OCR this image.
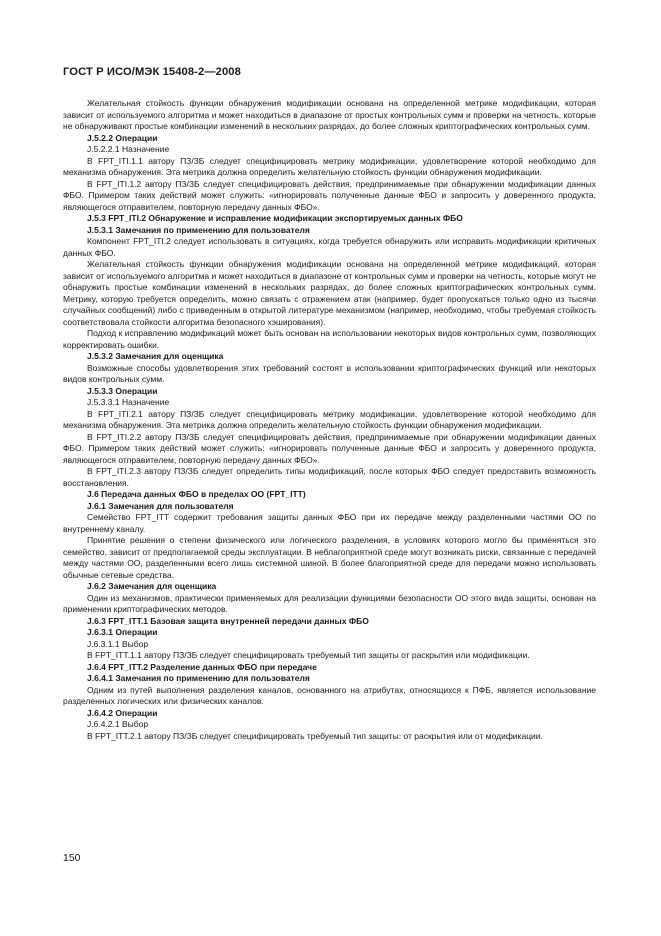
ГОСТ Р ИСО/МЭК 15408-2—2008

Желательная стойкость функции обнаружения модификации основана на определенной метрике модификации, которая зависит от используемого алгоритма и может находиться в диапазоне от простых контрольных сумм и проверки на четность, которые не обнаруживают простые комбинации изменений в нескольких разрядах, до более сложных криптографических контрольных сумм.

J.5.2.2 Операции

J.5.2.2.1 Назначение

В FPT_ITI.1.1 автору ПЗ/ЗБ следует специфицировать метрику модификации, удовлетворение которой необходимо для механизма обнаружения. Эта метрика должна определить желательную стойкость функции обнаружения модификации.

В FPT_ITI.1.2 автору ПЗ/ЗБ следует специфицировать действия, предпринимаемые при обнаружении модификации данных ФБО. Примером таких действий может служить: «игнорировать полученные данные ФБО и запросить у доверенного продукта, являющегося отправителем, повторную передачу данных ФБО».

J.5.3 FPT_ITI.2 Обнаружение и исправление модификации экспортируемых данных ФБО

J.5.3.1 Замечания по применению для пользователя

Компонент FPT_ITI.2 следует использовать в ситуациях, когда требуется обнаружить или исправить модификации критичных данных ФБО.

Желательная стойкость функции обнаружения модификации основана на определенной метрике модификаций, которая зависит от используемого алгоритма и может находиться в диапазоне от контрольных сумм и проверки на четность, которые могут не обнаружить простые комбинации изменений в нескольких разрядах, до более сложных криптографических контрольных сумм. Метрику, которую требуется определить, можно связать с отражением атак (например, будет пропускаться только одно из тысячи случайных сообщений) либо с приведенным в открытой литературе механизмом (например, необходимо, чтобы требуемая стойкость соответствовала стойкости алгоритма безопасного хэширования).

Подход к исправлению модификаций может быть основан на использовании некоторых видов контрольных сумм, позволяющих корректировать ошибки.

J.5.3.2 Замечания для оценщика

Возможные способы удовлетворения этих требований состоят в использовании криптографических функций или некоторых видов контрольных сумм.

J.5.3.3 Операции

J.5.3.3.1 Назначение

В FPT_ITI.2.1 автору ПЗ/ЗБ следует специфицировать метрику модификации, удовлетворение которой необходимо для механизма обнаружения. Эта метрика должна определить желательную стойкость функции обнаружения модификации.

В FPT_ITI.2.2 автору ПЗ/ЗБ следует специфицировать действия, предпринимаемые при обнаружении модификации данных ФБО. Примером таких действий может служить: «игнорировать полученные данные ФБО и запросить у доверенного продукта, являющегося отправителем, повторную передачу данных ФБО».

В FPT_ITI.2.3 автору ПЗ/ЗБ следует определить типы модификаций, после которых ФБО следует предоставить возможность восстановления.

J.6 Передача данных ФБО в пределах ОО (FPT_ITT)

J.6.1 Замечания для пользователя

Семейство FPT_ITT содержит требования защиты данных ФБО при их передаче между разделенными частями ОО по внутреннему каналу.

Принятие решения о степени физического или логического разделения, в условиях которого могло бы применяться это семейство, зависит от предполагаемой среды эксплуатации. В неблагоприятной среде могут возникать риски, связанные с передачей между частями ОО, разделенными всего лишь системной шиной. В более благоприятной среде для передачи можно использовать обычные сетевые средства.

J.6.2 Замечания для оценщика

Один из механизмов, практически применяемых для реализации функциями безопасности ОО этого вида защиты, основан на применении криптографических методов.

J.6.3 FPT_ITT.1 Базовая защита внутренней передачи данных ФБО

J.6.3.1 Операции

J.6.3.1.1 Выбор

В FPT_ITT.1.1 автору ПЗ/ЗБ следует специфицировать требуемый тип защиты от раскрытия или модификации.

J.6.4 FPT_ITT.2 Разделение данных ФБО при передаче

J.6.4.1 Замечания по применению для пользователя

Одним из путей выполнения разделения каналов, основанного на атрибутах, относящихся к ПФБ, является использование разделенных логических или физических каналов.

J.6.4.2 Операции

J.6.4.2.1 Выбор

В FPT_ITT.2.1 автору ПЗ/ЗБ следует специфицировать требуемый тип защиты: от раскрытия или от модификации.

150
